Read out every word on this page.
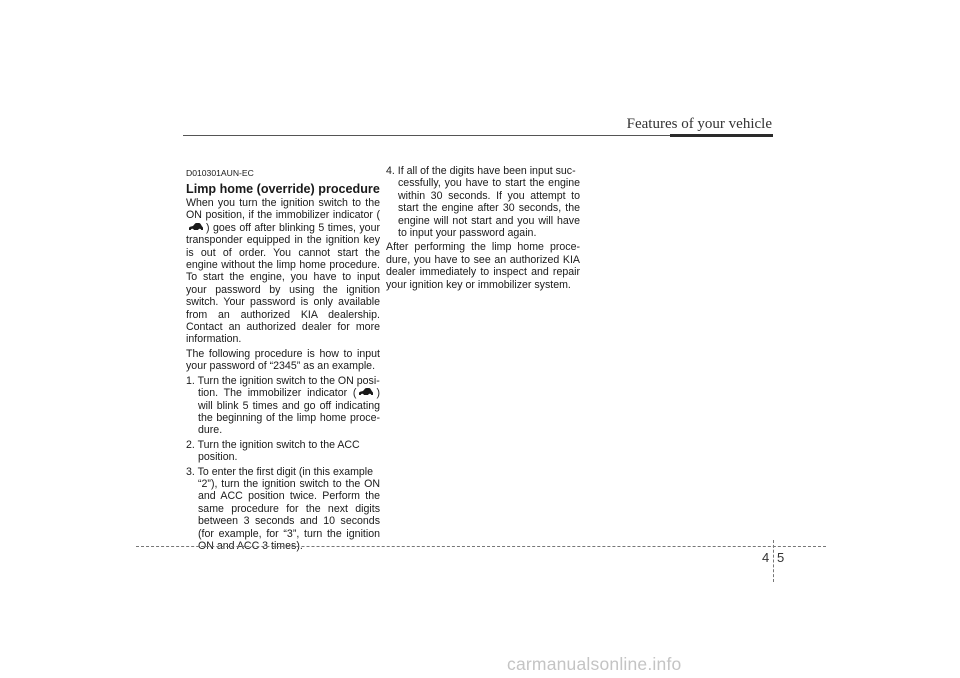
Features of your vehicle
D010301AUN-EC
Limp home (override) procedure

When you turn the ignition switch to the ON position, if the immobilizer indicator (
) goes off after blinking 5 times, your transponder equipped in the ignition key is out of order. You cannot start the engine without the limp home procedure. To start the engine, you have to input your password by using the ignition switch. Your password is only available from an authorized KIA dealership. Contact an authorized dealer for more information.

The following procedure is how to input your password of “2345” as an example.

1. Turn the ignition switch to the ON posi-
tion. The immobilizer indicator ( ) will blink 5 times and go off indicating the beginning of the limp home proce- dure.
2. Turn the ignition switch to the ACC
position.
3. To enter the first digit (in this example
“2”), turn the ignition switch to the ON and ACC position twice. Perform the same procedure for the next digits between 3 seconds and 10 seconds (for example, for “3”, turn the ignition ON and ACC 3 times).
4. If all of the digits have been input suc-
cessfully, you have to start the engine within 30 seconds. If you attempt to start the engine after 30 seconds, the engine will not start and you will have to input your password again.

After performing the limp home proce- dure, you have to see an authorized KIA dealer immediately to inspect and repair your ignition key or immobilizer system.

4 5
carmanualsonline.info
